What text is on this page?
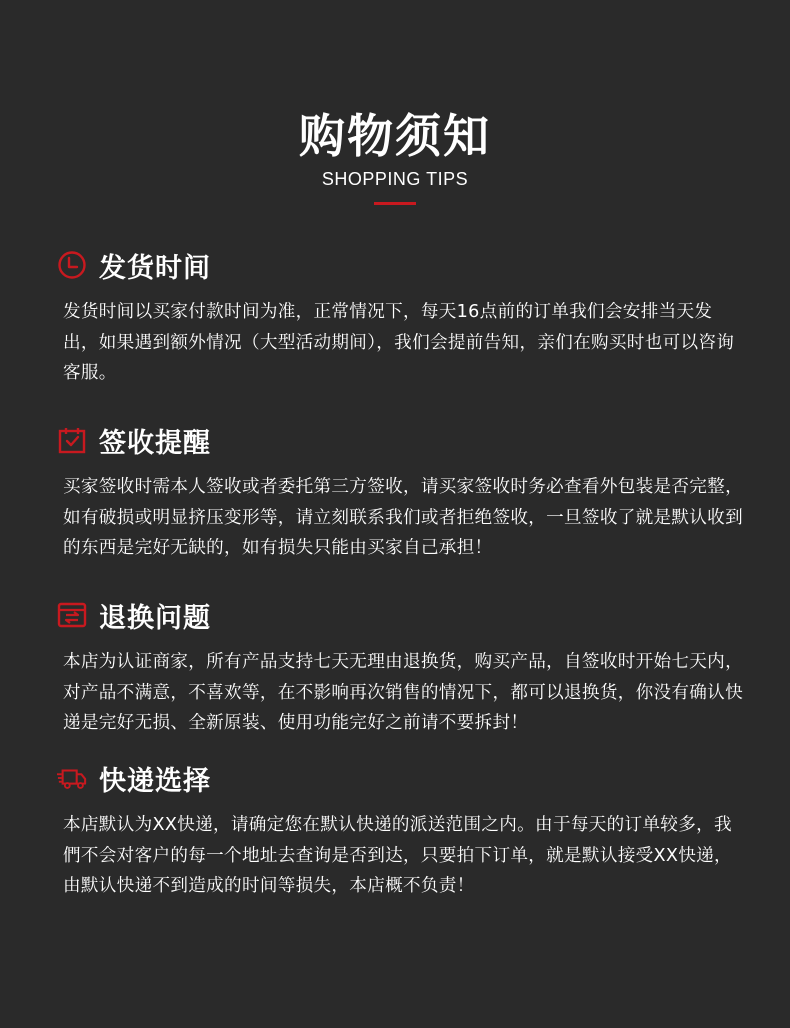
购物须知
SHOPPING TIPS
发货时间
发货时间以买家付款时间为准，正常情况下，每天16点前的订单我们会安排当天发出，如果遇到额外情况（大型活动期间），我们会提前告知，亲们在购买时也可以咨询客服。
签收提醒
买家签收时需本人签收或者委托第三方签收，请买家签收时务必查看外包装是否完整，如有破损或明显挤压变形等，请立刻联系我们或者拒绝签收，一旦签收了就是默认收到的东西是完好无缺的，如有损失只能由买家自己承担！
退换问题
本店为认证商家，所有产品支持七天无理由退换货，购买产品，自签收时开始七天内，对产品不满意，不喜欢等，在不影响再次销售的情况下，都可以退换货，你没有确认快递是完好无损、全新原装、使用功能完好之前请不要拆封！
快递选择
本店默认为XX快递，请确定您在默认快递的派送范围之内。由于每天的订单较多，我們不会对客户的每一个地址去查询是否到达，只要拍下订单，就是默认接受XX快递，由默认快递不到造成的时间等损失，本店概不负责！
